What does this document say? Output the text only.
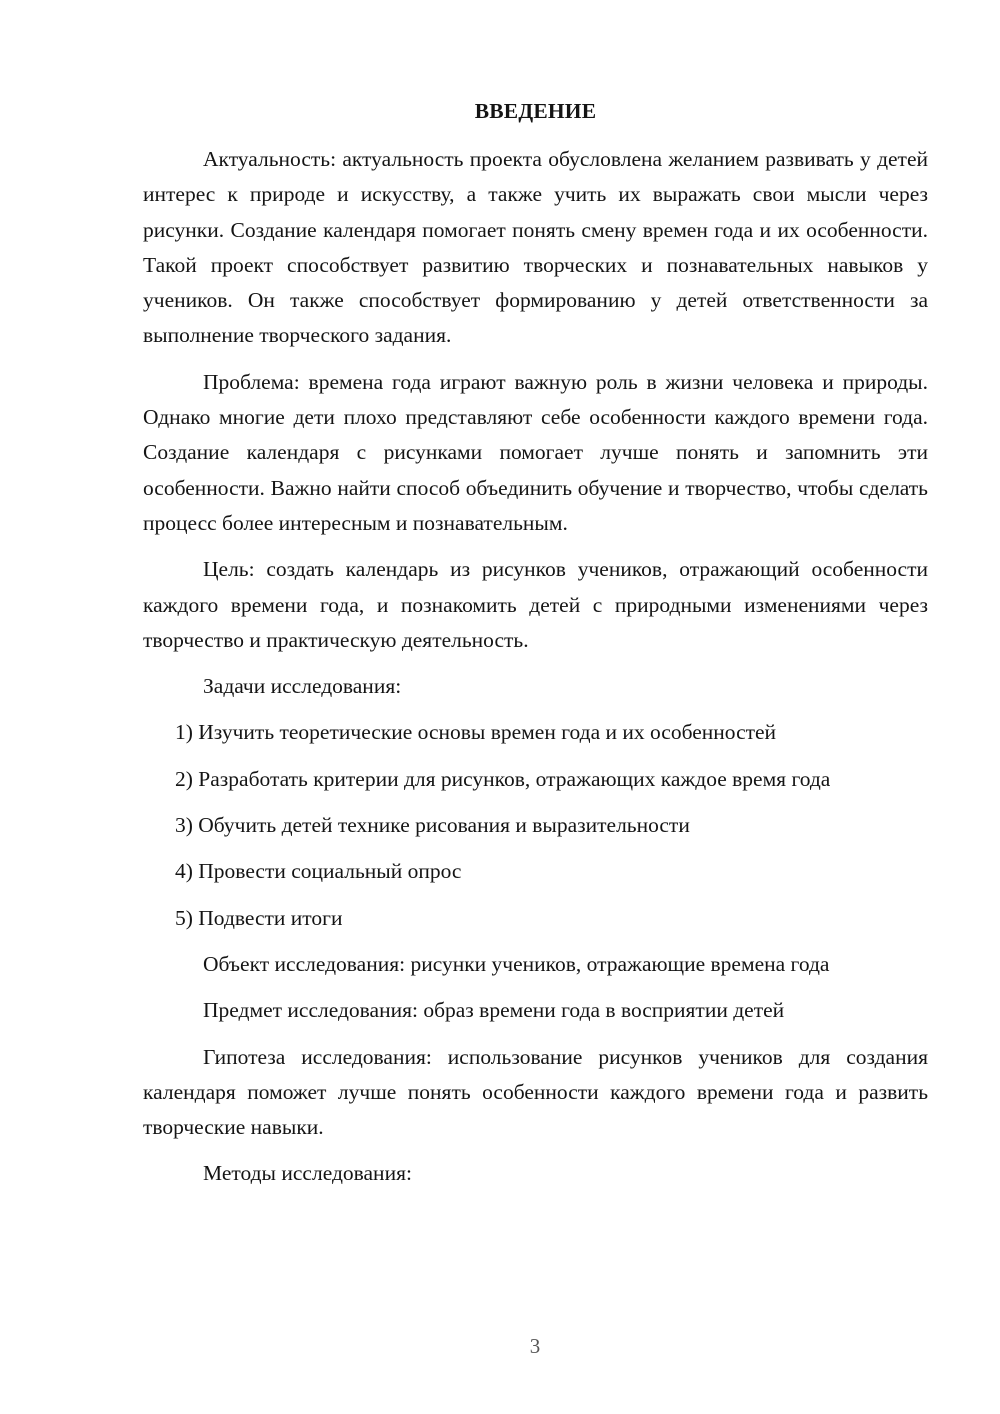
ВВЕДЕНИЕ

Актуальность: актуальность проекта обусловлена желанием развивать у детей интерес к природе и искусству, а также учить их выражать свои мысли через рисунки. Создание календаря помогает понять смену времен года и их особенности. Такой проект способствует развитию творческих и познавательных навыков у учеников. Он также способствует формированию у детей ответственности за выполнение творческого задания.

Проблема: времена года играют важную роль в жизни человека и природы. Однако многие дети плохо представляют себе особенности каждого времени года. Создание календаря с рисунками помогает лучше понять и запомнить эти особенности. Важно найти способ объединить обучение и творчество, чтобы сделать процесс более интересным и познавательным.

Цель: создать календарь из рисунков учеников, отражающий особенности каждого времени года, и познакомить детей с природными изменениями через творчество и практическую деятельность.

Задачи исследования:

1) Изучить теоретические основы времен года и их особенностей

2) Разработать критерии для рисунков, отражающих каждое время года

3) Обучить детей технике рисования и выразительности

4) Провести социальный опрос

5) Подвести итоги

Объект исследования: рисунки учеников, отражающие времена года

Предмет исследования: образ времени года в восприятии детей

Гипотеза исследования: использование рисунков учеников для создания календаря поможет лучше понять особенности каждого времени года и развить творческие навыки.

Методы исследования:

3
